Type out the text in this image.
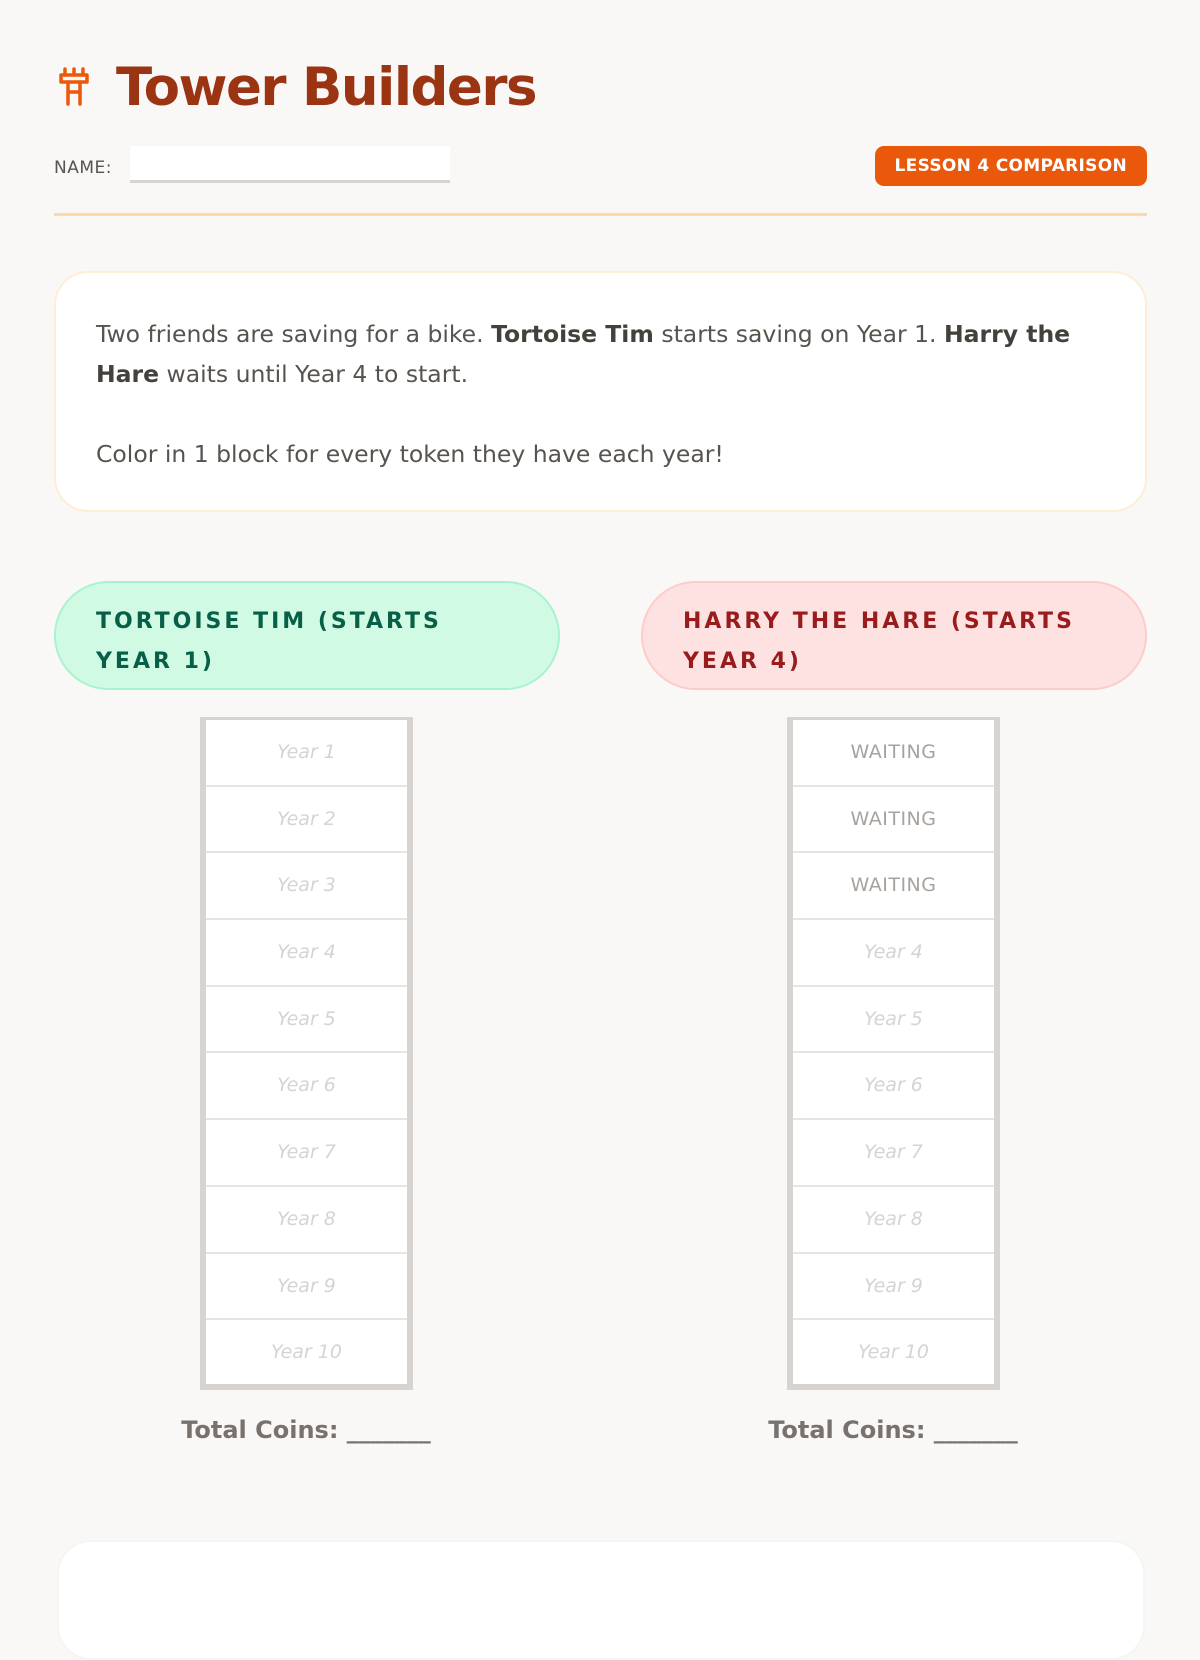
Tower Builders
NAME:	LESSON 4 COMPARISON

Two friends are saving for a bike. Tortoise Tim starts saving on Year 1. Harry the Hare waits until Year 4 to start.

Color in 1 block for every token they have each year!

TORTOISE TIM (STARTS YEAR 1)
HARRY THE HARE (STARTS YEAR 4)
Year 1
Year 2
Year 3
Year 4
Year 5
Year 6
Year 7
Year 8
Year 9
Year 10
WAITING
WAITING
WAITING
Year 4
Year 5
Year 6
Year 7
Year 8
Year 9
Year 10
Total Coins: _______	Total Coins: _______
